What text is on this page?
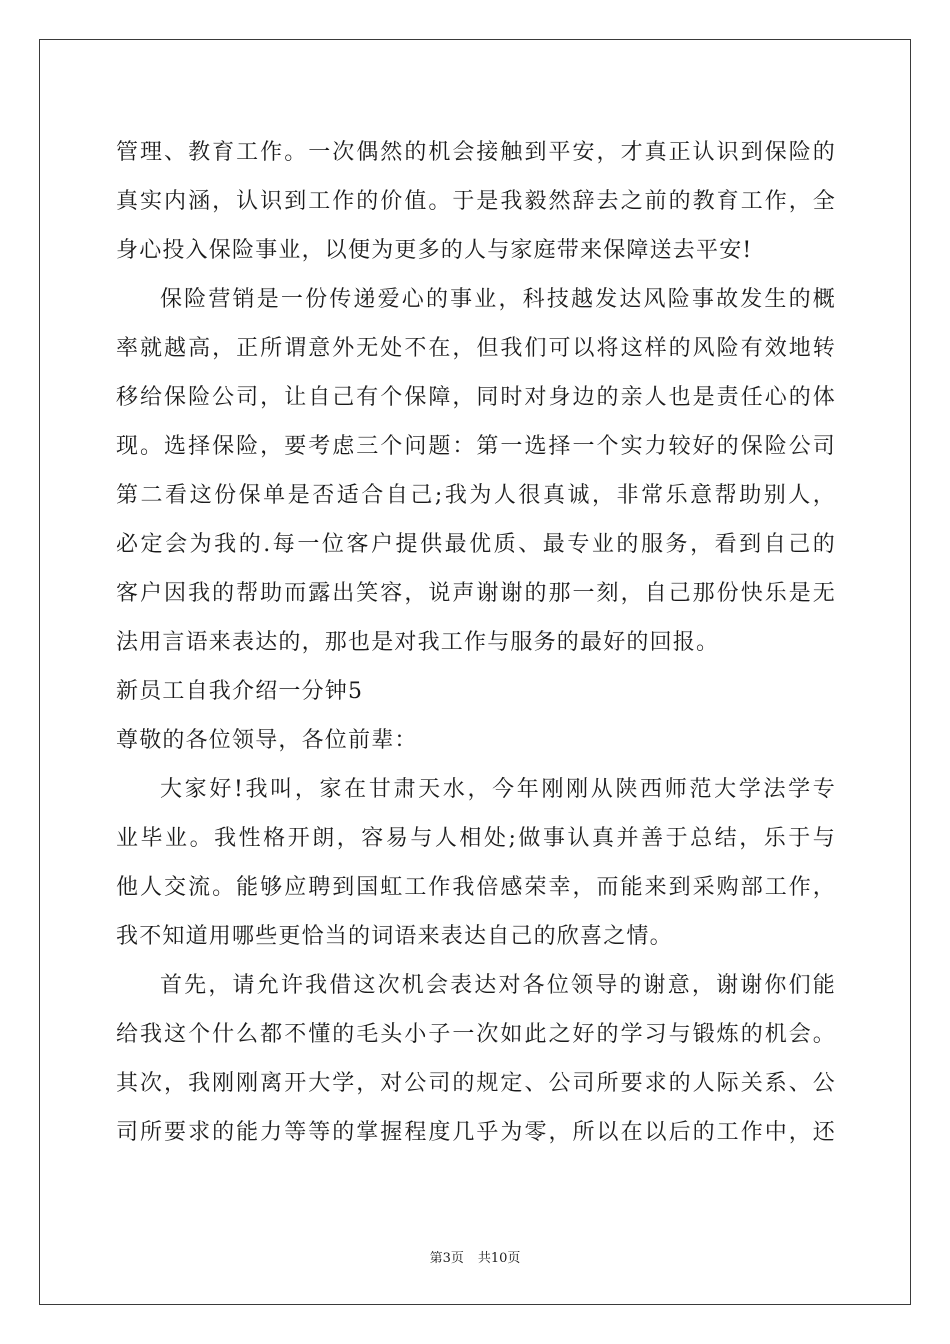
管理、教育工作。一次偶然的机会接触到平安，才真正认识到保险的
真实内涵，认识到工作的价值。于是我毅然辞去之前的教育工作，全
身心投入保险事业，以便为更多的人与家庭带来保障送去平安!
保险营销是一份传递爱心的事业，科技越发达风险事故发生的概
率就越高，正所谓意外无处不在，但我们可以将这样的风险有效地转
移给保险公司，让自己有个保障，同时对身边的亲人也是责任心的体
现。选择保险，要考虑三个问题：第一选择一个实力较好的保险公司
第二看这份保单是否适合自己;我为人很真诚，非常乐意帮助别人，
必定会为我的.每一位客户提供最优质、最专业的服务，看到自己的
客户因我的帮助而露出笑容，说声谢谢的那一刻，自己那份快乐是无
法用言语来表达的，那也是对我工作与服务的最好的回报。
新员工自我介绍一分钟5
尊敬的各位领导，各位前辈：
大家好!我叫，家在甘肃天水，今年刚刚从陕西师范大学法学专
业毕业。我性格开朗，容易与人相处;做事认真并善于总结，乐于与
他人交流。能够应聘到国虹工作我倍感荣幸，而能来到采购部工作，
我不知道用哪些更恰当的词语来表达自己的欣喜之情。
首先，请允许我借这次机会表达对各位领导的谢意，谢谢你们能
给我这个什么都不懂的毛头小子一次如此之好的学习与锻炼的机会。
其次，我刚刚离开大学，对公司的规定、公司所要求的人际关系、公
司所要求的能力等等的掌握程度几乎为零，所以在以后的工作中，还
第3页 共10页
